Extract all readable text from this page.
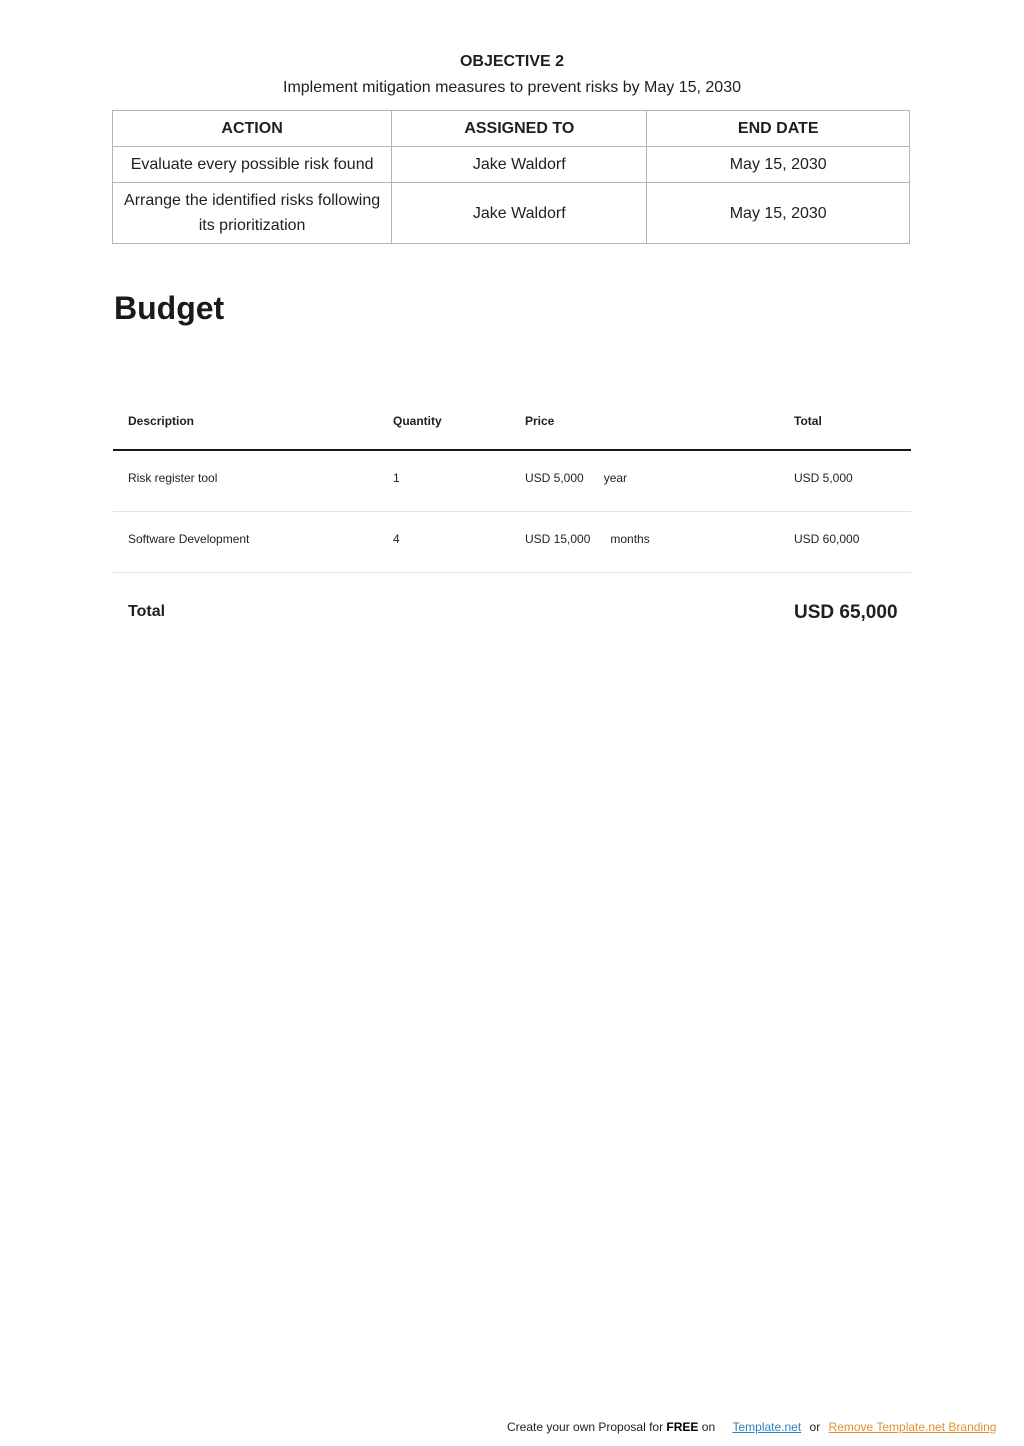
OBJECTIVE 2
Implement mitigation measures to prevent risks by May 15, 2030
ACTION	ASSIGNED TO	END DATE
Evaluate every possible risk found	Jake Waldorf	May 15, 2030
Arrange the identified risks following its prioritization	Jake Waldorf	May 15, 2030
Budget
Description	Quantity	Price	Total
Risk register tool	1	USD 5,000 year	USD 5,000
Software Development	4	USD 15,000 months	USD 60,000
Total	USD 65,000
Create your own Proposal for FREE on Template.net or Remove Template.net Branding
